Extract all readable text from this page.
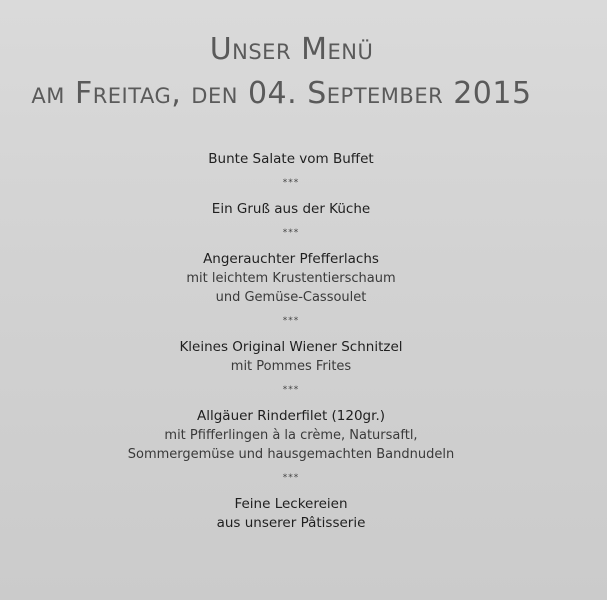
Unser Menü
am Freitag, den 04. September 2015
Bunte Salate vom Buffet
***
Ein Gruß aus der Küche
***
Angerauchter Pfefferlachs
mit leichtem Krustentierschaum
und Gemüse-Cassoulet
***
Kleines Original Wiener Schnitzel
mit Pommes Frites
***
Allgäuer Rinderfilet (120gr.)
mit Pfifferlingen à la crème, Natursaftl,
Sommergemüse und hausgemachten Bandnudeln
***
Feine Leckereien
aus unserer Pâtisserie
